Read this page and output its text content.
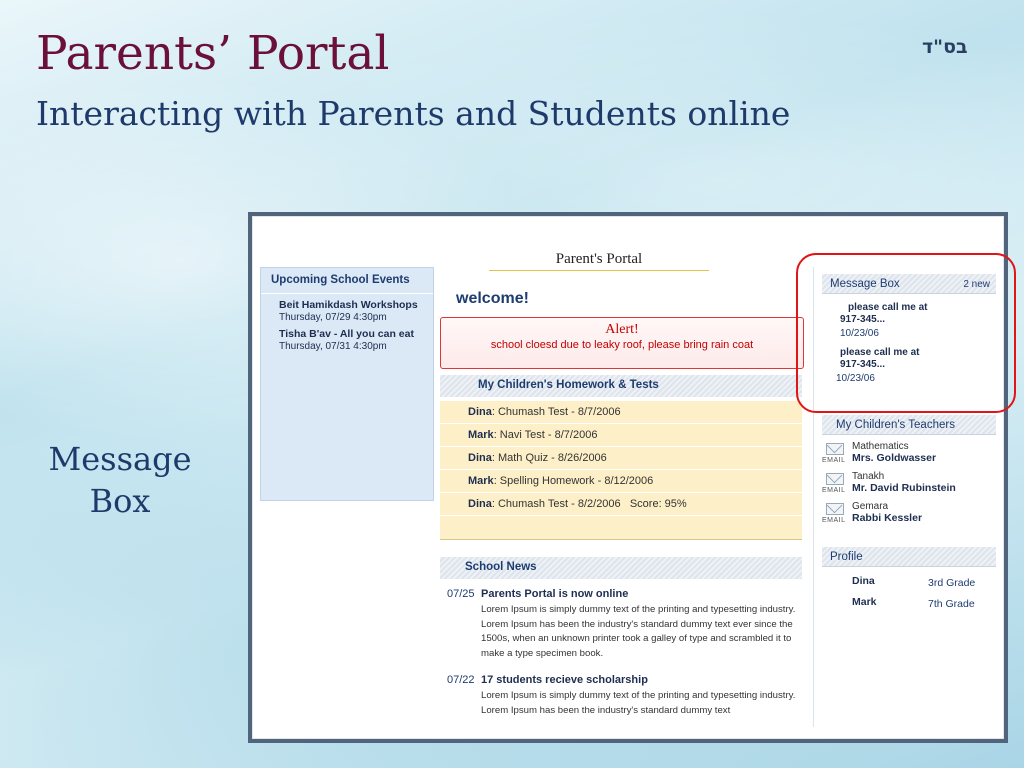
Parents’ Portal
Interacting with Parents and Students online
בס"ד
Message
Box
Parent's Portal
Upcoming School Events
Beit Hamikdash Workshops
Thursday, 07/29 4:30pm
Tisha B'av - All you can eat
Thursday, 07/31 4:30pm
welcome!
Alert!
school cloesd due to leaky roof, please bring rain coat
My Children's Homework & Tests
Dina: Chumash Test - 8/7/2006
Mark: Navi Test - 8/7/2006
Dina: Math Quiz - 8/26/2006
Mark: Spelling Homework - 8/12/2006
Dina: Chumash Test - 8/2/2006   Score: 95%
School News
07/25 Parents Portal is now online
Lorem Ipsum is simply dummy text of the printing and typesetting industry. Lorem Ipsum has been the industry's standard dummy text ever since the 1500s, when an unknown printer took a galley of type and scrambled it to make a type specimen book.
07/22 17 students recieve scholarship
Lorem Ipsum is simply dummy text of the printing and typesetting industry. Lorem Ipsum has been the industry's standard dummy text
Message Box	2 new
please call me at
917-345...
10/23/06
please call me at
917-345...
10/23/06
My Children's Teachers
EMAIL
Mathematics
Mrs. Goldwasser
EMAIL
Tanakh
Mr. David Rubinstein
EMAIL
Gemara
Rabbi Kessler
Profile
Dina	3rd Grade
Mark	7th Grade
